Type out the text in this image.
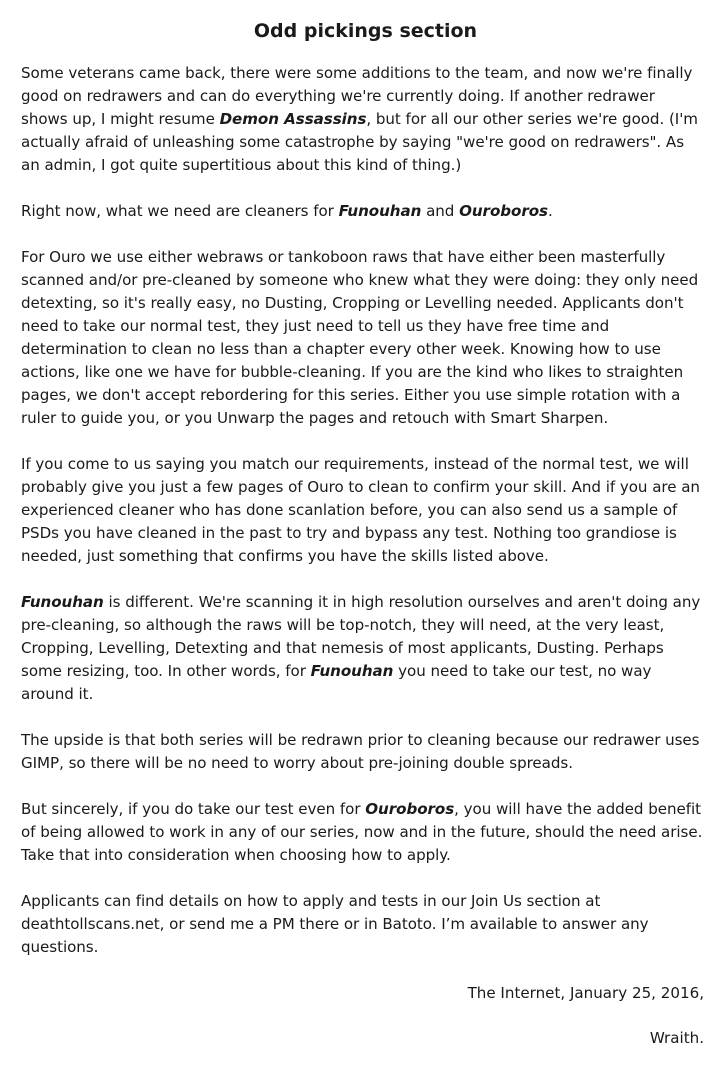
Odd pickings section

Some veterans came back, there were some additions to the team, and now we're finally good on redrawers and can do everything we're currently doing. If another redrawer shows up, I might resume Demon Assassins, but for all our other series we're good. (I'm actually afraid of unleashing some catastrophe by saying "we're good on redrawers". As an admin, I got quite supertitious about this kind of thing.)

Right now, what we need are cleaners for Funouhan and Ouroboros.

For Ouro we use either webraws or tankoboon raws that have either been masterfully scanned and/or pre-cleaned by someone who knew what they were doing: they only need detexting, so it's really easy, no Dusting, Cropping or Levelling needed. Applicants don't need to take our normal test, they just need to tell us they have free time and determination to clean no less than a chapter every other week. Knowing how to use actions, like one we have for bubble-cleaning. If you are the kind who likes to straighten pages, we don't accept rebordering for this series. Either you use simple rotation with a ruler to guide you, or you Unwarp the pages and retouch with Smart Sharpen.

If you come to us saying you match our requirements, instead of the normal test, we will probably give you just a few pages of Ouro to clean to confirm your skill. And if you are an experienced cleaner who has done scanlation before, you can also send us a sample of PSDs you have cleaned in the past to try and bypass any test. Nothing too grandiose is needed, just something that confirms you have the skills listed above.

Funouhan is different. We're scanning it in high resolution ourselves and aren't doing any pre-cleaning, so although the raws will be top-notch, they will need, at the very least, Cropping, Levelling, Detexting and that nemesis of most applicants, Dusting. Perhaps some resizing, too. In other words, for Funouhan you need to take our test, no way around it.

The upside is that both series will be redrawn prior to cleaning because our redrawer uses GIMP, so there will be no need to worry about pre-joining double spreads.

But sincerely, if you do take our test even for Ouroboros, you will have the added benefit of being allowed to work in any of our series, now and in the future, should the need arise. Take that into consideration when choosing how to apply.

Applicants can find details on how to apply and tests in our Join Us section at deathtollscans.net, or send me a PM there or in Batoto. I’m available to answer any questions.

The Internet, January 25, 2016,

Wraith.
